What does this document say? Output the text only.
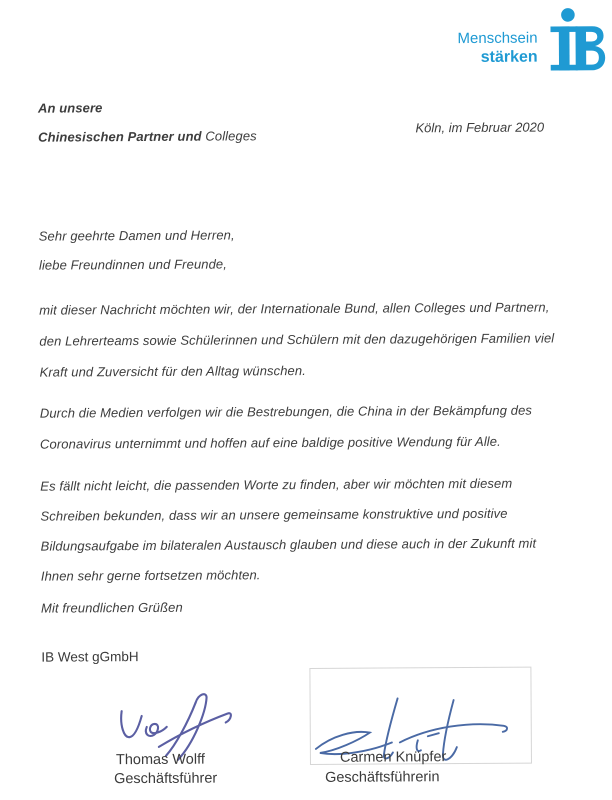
Menschsein
stärken
An unsere
Chinesischen Partner und Colleges
Köln, im Februar 2020
Sehr geehrte Damen und Herren,
liebe Freundinnen und Freunde,
mit dieser Nachricht möchten wir, der Internationale Bund, allen Colleges und Partnern,
den Lehrerteams sowie Schülerinnen und Schülern mit den dazugehörigen Familien viel
Kraft und Zuversicht für den Alltag wünschen.
Durch die Medien verfolgen wir die Bestrebungen, die China in der Bekämpfung des
Coronavirus unternimmt und hoffen auf eine baldige positive Wendung für Alle.
Es fällt nicht leicht, die passenden Worte zu finden, aber wir möchten mit diesem
Schreiben bekunden, dass wir an unsere gemeinsame konstruktive und positive
Bildungsaufgabe im bilateralen Austausch glauben und diese auch in der Zukunft mit
Ihnen sehr gerne fortsetzen möchten.
Mit freundlichen Grüßen
IB West gGmbH
Thomas Wolff
Geschäftsführer
Carmen Knüpfer
Geschäftsführerin
